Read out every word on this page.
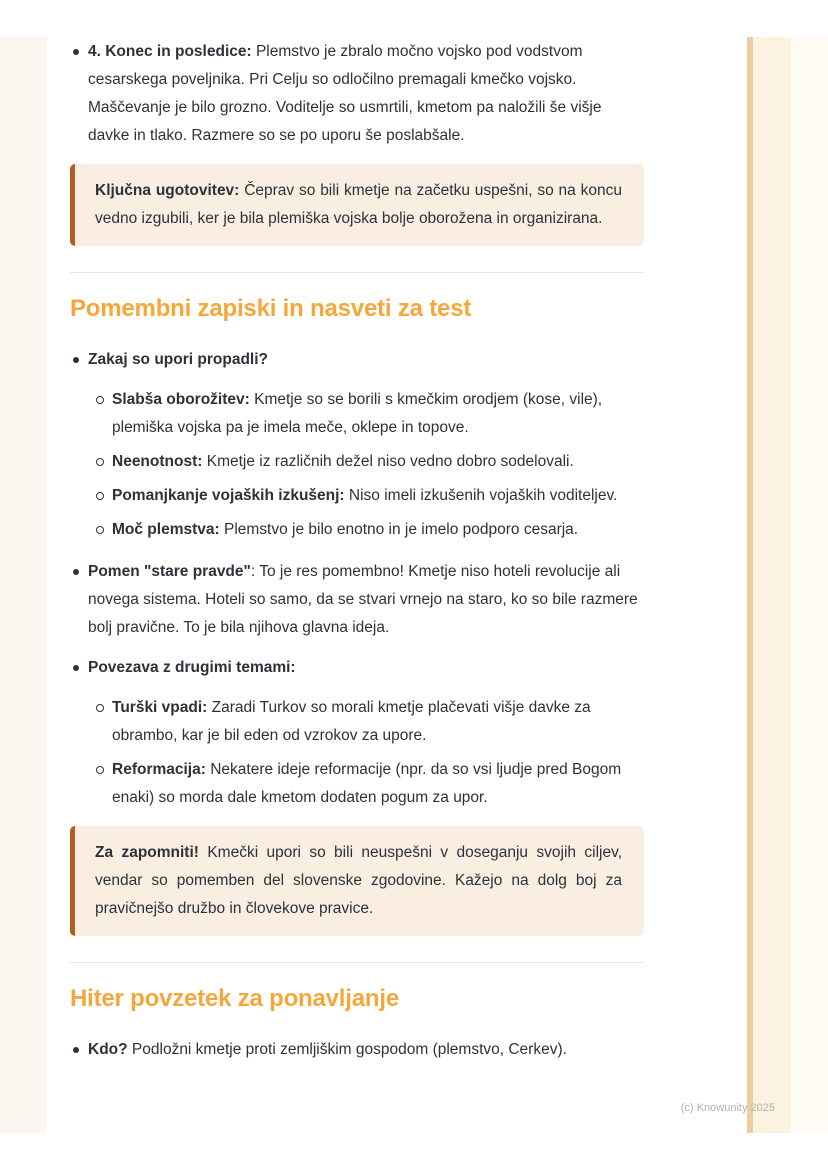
4. Konec in posledice: Plemstvo je zbralo močno vojsko pod vodstvom cesarskega poveljnika. Pri Celju so odločilno premagali kmečko vojsko. Maščevanje je bilo grozno. Voditelje so usmrtili, kmetom pa naložili še višje davke in tlako. Razmere so se po uporu še poslabšale.

Ključna ugotovitev: Čeprav so bili kmetje na začetku uspešni, so na koncu vedno izgubili, ker je bila plemiška vojska bolje oborožena in organizirana.

Pomembni zapiski in nasveti za test
Zakaj so upori propadli?
Slabša oborožitev: Kmetje so se borili s kmečkim orodjem (kose, vile), plemiška vojska pa je imela meče, oklepe in topove.
Neenotnost: Kmetje iz različnih dežel niso vedno dobro sodelovali.
Pomanjkanje vojaških izkušenj: Niso imeli izkušenih vojaških voditeljev.
Moč plemstva: Plemstvo je bilo enotno in je imelo podporo cesarja.
Pomen "stare pravde": To je res pomembno! Kmetje niso hoteli revolucije ali novega sistema. Hoteli so samo, da se stvari vrnejo na staro, ko so bile razmere bolj pravične. To je bila njihova glavna ideja.
Povezava z drugimi temami:
Turški vpadi: Zaradi Turkov so morali kmetje plačevati višje davke za obrambo, kar je bil eden od vzrokov za upore.
Reformacija: Nekatere ideje reformacije (npr. da so vsi ljudje pred Bogom enaki) so morda dale kmetom dodaten pogum za upor.

Za zapomniti! Kmečki upori so bili neuspešni v doseganju svojih ciljev, vendar so pomemben del slovenske zgodovine. Kažejo na dolg boj za pravičnejšo družbo in človekove pravice.

Hiter povzetek za ponavljanje
Kdo? Podložni kmetje proti zemljiškim gospodom (plemstvo, Cerkev).
(c) Knowunity 2025
